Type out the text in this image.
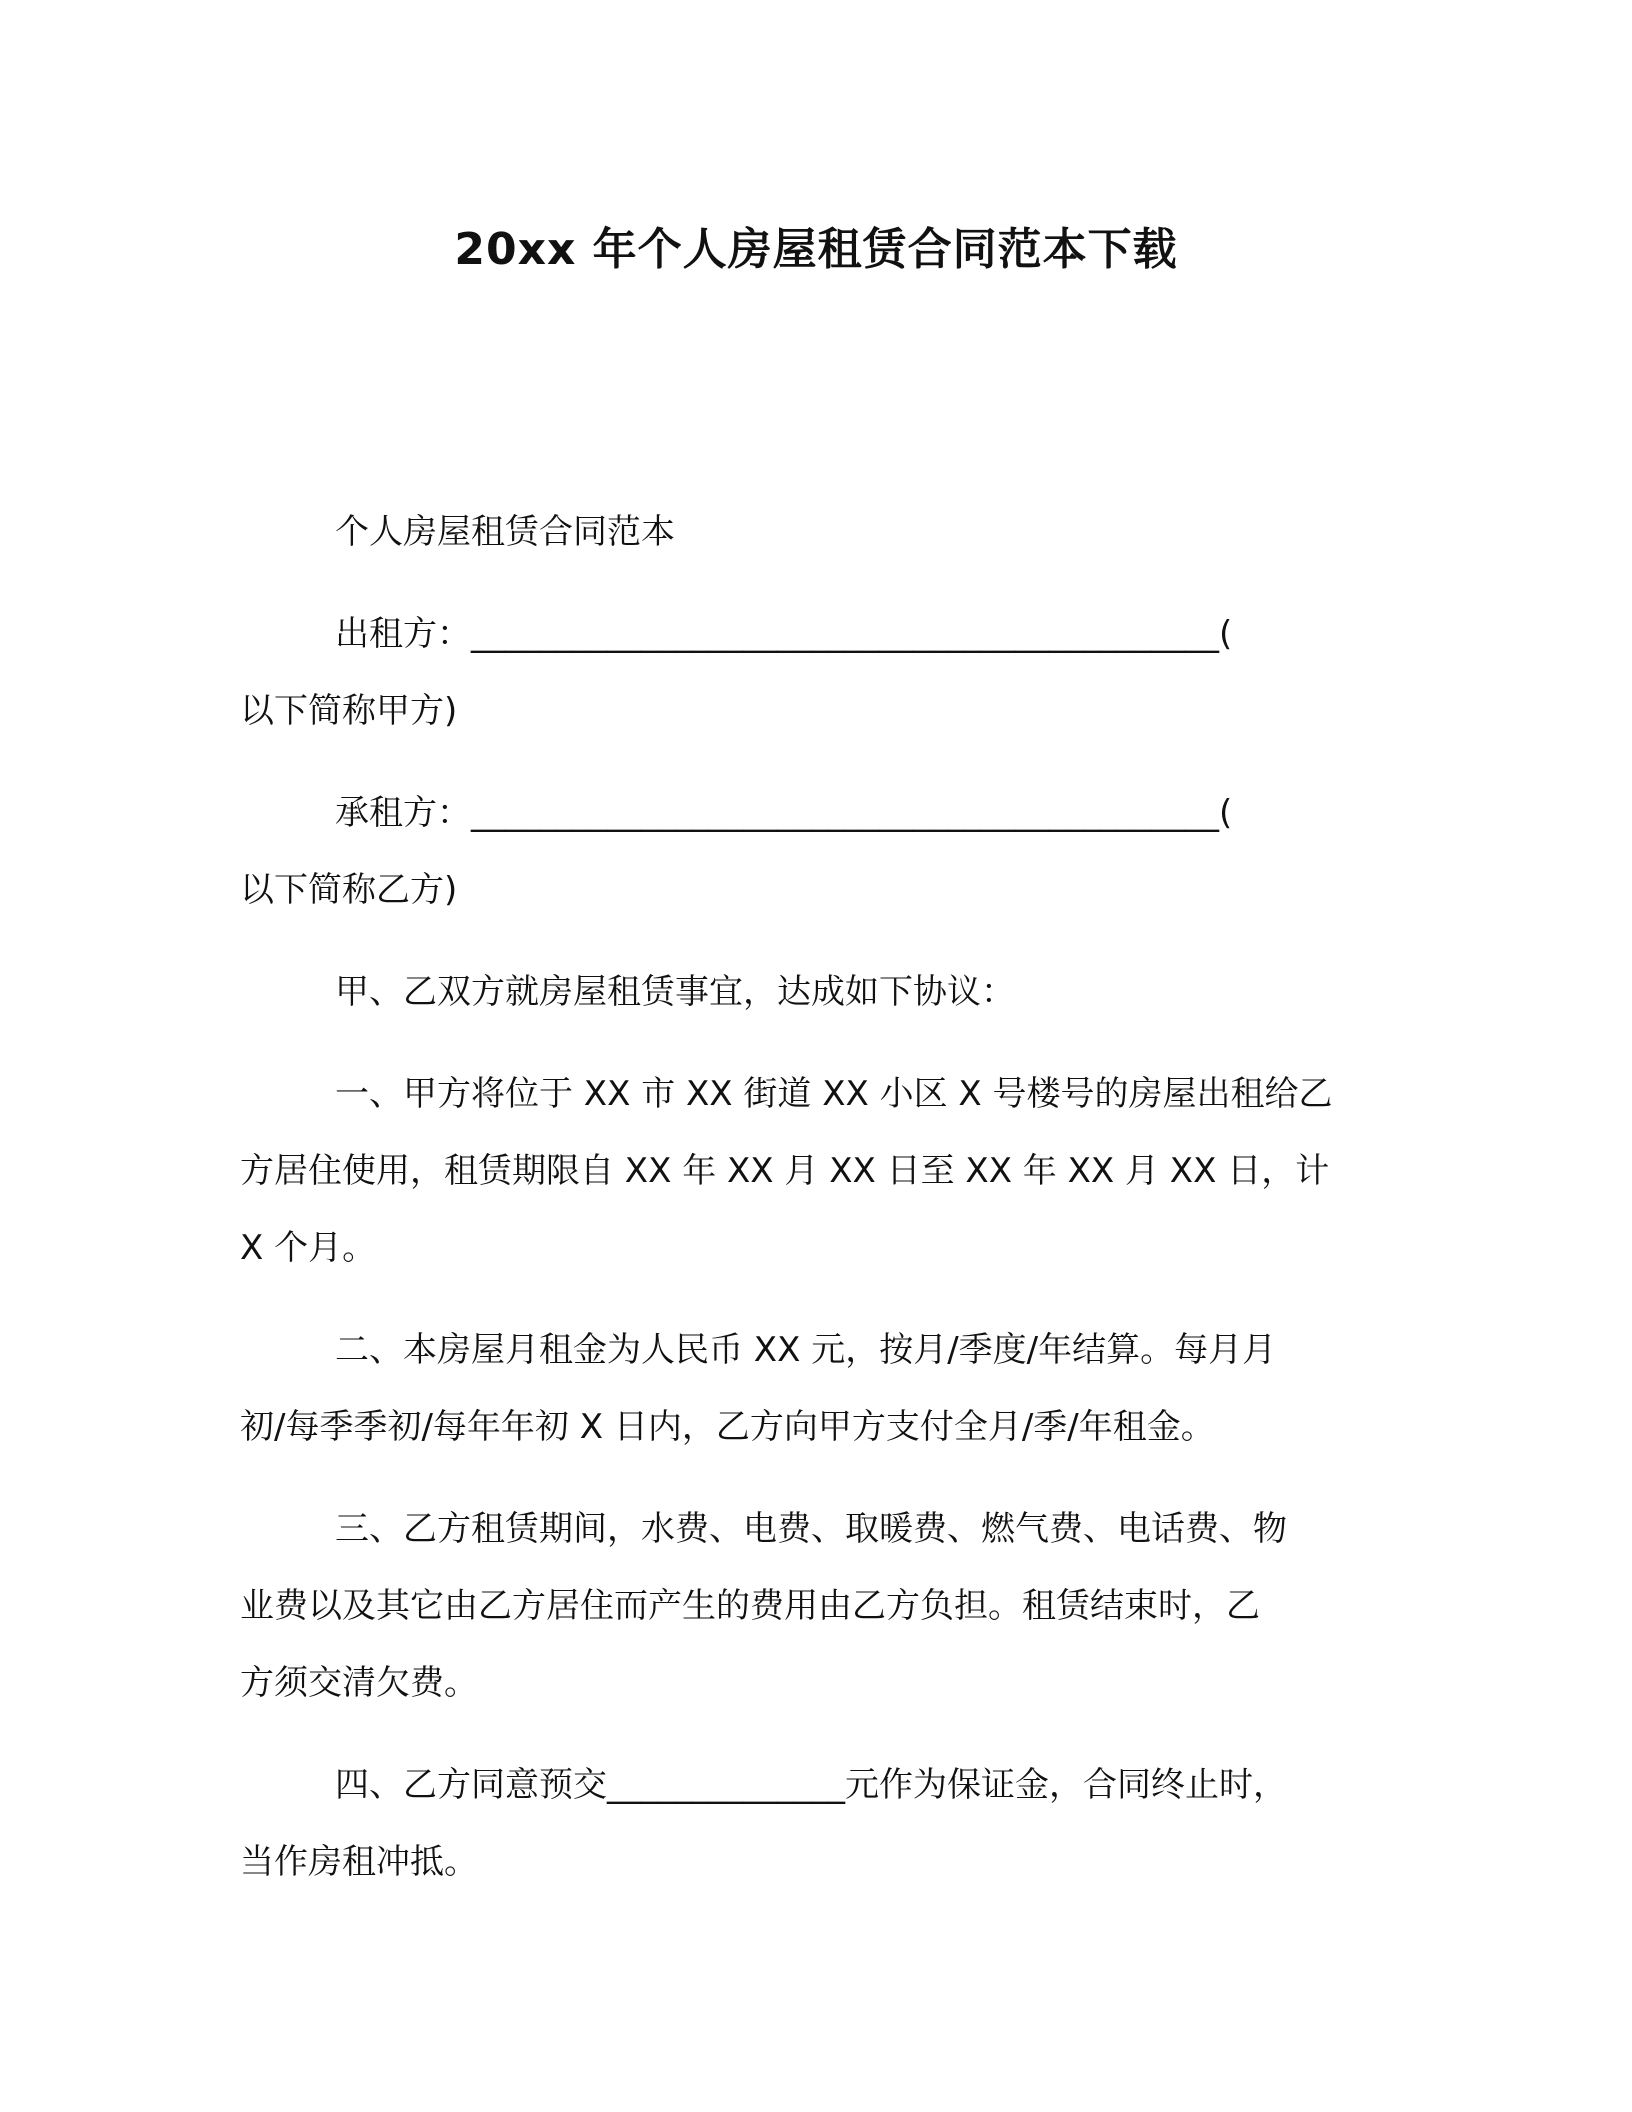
20xx 年个人房屋租赁合同范本下载
个人房屋租赁合同范本
出租方：____________________________________________(
以下简称甲方)
承租方：____________________________________________(
以下简称乙方)
甲、乙双方就房屋租赁事宜，达成如下协议：
一、甲方将位于 XX 市 XX 街道 XX 小区 X 号楼号的房屋出租给乙
方居住使用，租赁期限自 XX 年 XX 月 XX 日至 XX 年 XX 月 XX 日，计
X 个月。
二、本房屋月租金为人民币 XX 元，按月/季度/年结算。每月月
初/每季季初/每年年初 X 日内，乙方向甲方支付全月/季/年租金。
三、乙方租赁期间，水费、电费、取暖费、燃气费、电话费、物
业费以及其它由乙方居住而产生的费用由乙方负担。租赁结束时，乙
方须交清欠费。
四、乙方同意预交______________元作为保证金，合同终止时，
当作房租冲抵。
